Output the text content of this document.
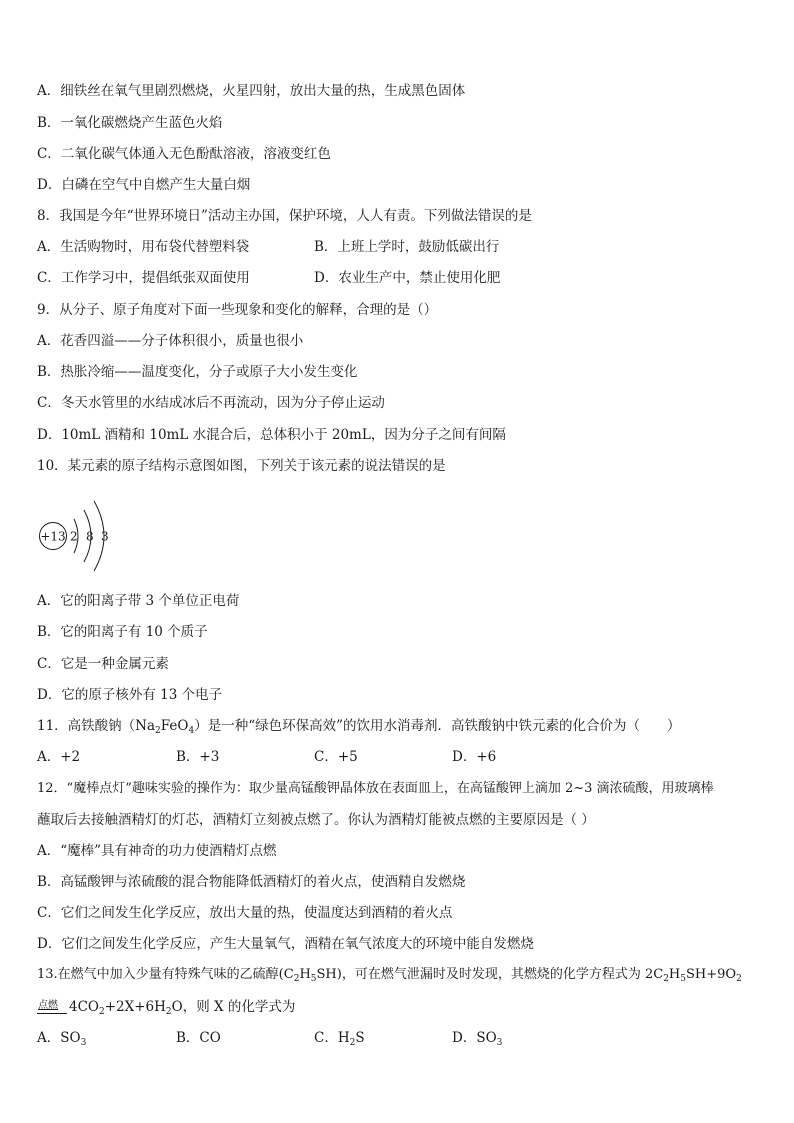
A．细铁丝在氧气里剧烈燃烧，火星四射，放出大量的热，生成黑色固体
B．一氧化碳燃烧产生蓝色火焰
C．二氧化碳气体通入无色酚酞溶液，溶液变红色
D．白磷在空气中自燃产生大量白烟
8．我国是今年“世界环境日”活动主办国，保护环境，人人有责。下列做法错误的是
A．生活购物时，用布袋代替塑料袋	B．上班上学时，鼓励低碳出行
C．工作学习中，提倡纸张双面使用	D．农业生产中，禁止使用化肥
9．从分子、原子角度对下面一些现象和变化的解释，合理的是（）
A．花香四溢——分子体积很小，质量也很小
B．热胀冷缩——温度变化，分子或原子大小发生变化
C．冬天水管里的水结成冰后不再流动，因为分子停止运动
D．10mL 酒精和 10mL 水混合后，总体积小于 20mL，因为分子之间有间隔
10．某元素的原子结构示意图如图，下列关于该元素的说法错误的是
+13 2 8 3
A．它的阳离子带 3 个单位正电荷
B．它的阳离子有 10 个质子
C．它是一种金属元素
D．它的原子核外有 13 个电子
11．高铁酸钠$(Na_2FeO_4)$是一种“绿色环保高效”的饮用水消毒剂．高铁酸钠中铁元素的化合价为（　　）
A．+2	B．+3	C．+5	D．+6
12．“魔棒点灯”趣味实验的操作为：取少量高锰酸钾晶体放在表面皿上，在高锰酸钾上滴加 2~3 滴浓硫酸，用玻璃棒
蘸取后去接触酒精灯的灯芯，酒精灯立刻被点燃了。你认为酒精灯能被点燃的主要原因是（ ）
A．“魔棒”具有神奇的功力使酒精灯点燃
B．高锰酸钾与浓硫酸的混合物能降低酒精灯的着火点，使酒精自发燃烧
C．它们之间发生化学反应，放出大量的热，使温度达到酒精的着火点
D．它们之间发生化学反应，产生大量氧气，酒精在氧气浓度大的环境中能自发燃烧
13.在燃气中加入少量有特殊气味的乙硫醇$(C_2H_5SH)$，可在燃气泄漏时及时发现，其燃烧的化学方程式为 $2C_2H_5SH+9O_2$
点燃 $4CO_2+2X+6H_2O$，则 X 的化学式为
A．$SO_3$	B．CO	C．$H_2S$	D．$SO_3$
